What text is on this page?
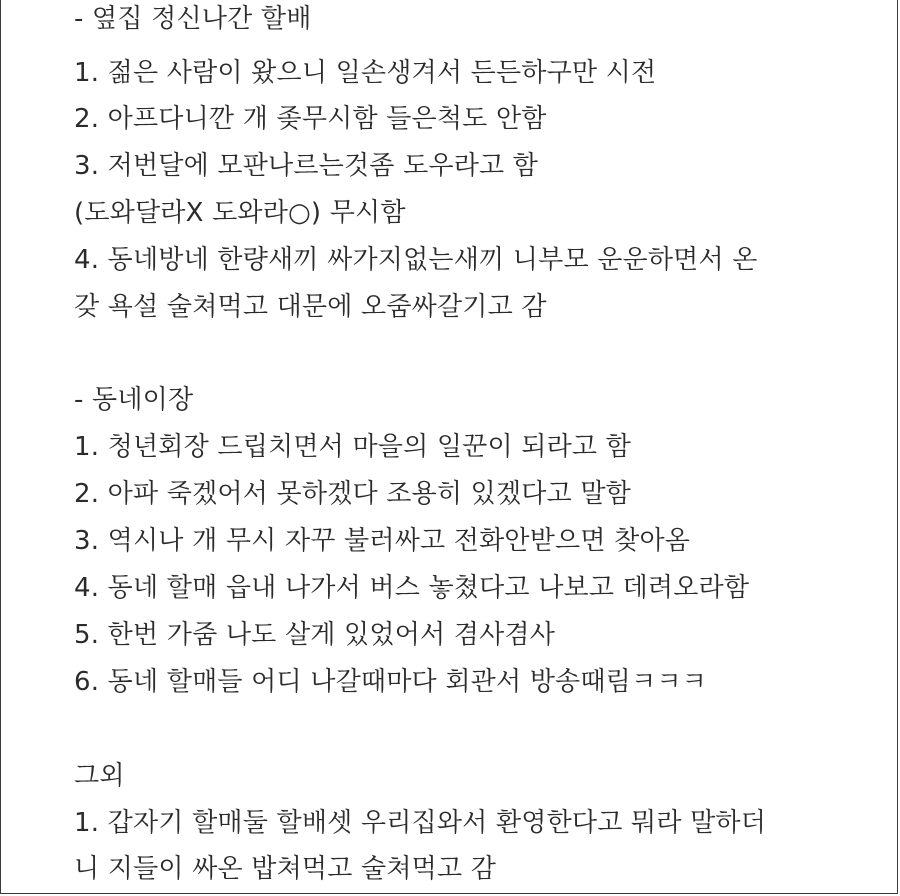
- 옆집 정신나간 할배
1. 젊은 사람이 왔으니 일손생겨서 든든하구만 시전
2. 아프다니깐 개 좆무시함 들은척도 안함
3. 저번달에 모판나르는것좀 도우라고 함
(도와달라X 도와라○) 무시함
4. 동네방네 한량새끼 싸가지없는새끼 니부모 운운하면서 온
갖 욕설 술쳐먹고 대문에 오줌싸갈기고 감
- 동네이장
1. 청년회장 드립치면서 마을의 일꾼이 되라고 함
2. 아파 죽겠어서 못하겠다 조용히 있겠다고 말함
3. 역시나 개 무시 자꾸 불러싸고 전화안받으면 찾아옴
4. 동네 할매 읍내 나가서 버스 놓쳤다고 나보고 데려오라함
5. 한번 가줌 나도 살게 있었어서 겸사겸사
6. 동네 할매들 어디 나갈때마다 회관서 방송때림ㅋㅋㅋ
그외
1. 갑자기 할매둘 할배셋 우리집와서 환영한다고 뭐라 말하더
니 지들이 싸온 밥쳐먹고 술쳐먹고 감
